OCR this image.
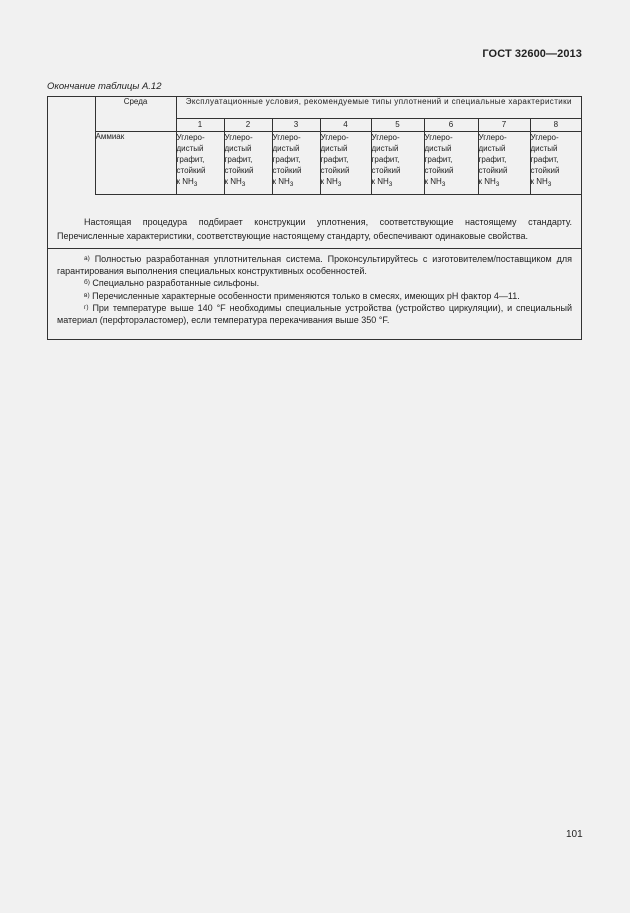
ГОСТ 32600—2013
Окончание таблицы А.12
	Среда	Эксплуатационные условия, рекомендуемые типы уплотнений и специальные характеристики							
		1	2	3	4	5	6	7	8
	Аммиак	Углеро-
дистый
графит,
стойкий
к $NH_3$	Углеро-
дистый
графит,
стойкий
к $NH_3$	Углеро-
дистый
графит,
стойкий
к $NH_3$	Углеро-
дистый
графит,
стойкий
к $NH_3$	Углеро-
дистый
графит,
стойкий
к $NH_3$	Углеро-
дистый
графит,
стойкий
к $NH_3$	Углеро-
дистый
графит,
стойкий
к $NH_3$	Углеро-
дистый
графит,
стойкий
к $NH_3$

Настоящая процедура подбирает конструкции уплотнения, соответствующие настоящему стандарту. Перечисленные характеристики, соответствующие настоящему стандарту, обеспечивают одинаковые свойства.

$^{а)}$ Полностью разработанная уплотнительная система. Проконсультируйтесь с изготовителем/поставщиком для гарантирования выполнения специальных конструктивных особенностей.

$^{б)}$ Специально разработанные сильфоны.

$^{в)}$ Перечисленные характерные особенности применяются только в смесях, имеющих рН фактор 4—11.

$^{г)}$ При температуре выше 140 °F необходимы специальные устройства (устройство циркуляции), и специальный материал (перфторэластомер), если температура перекачивания выше 350 °F.

101
